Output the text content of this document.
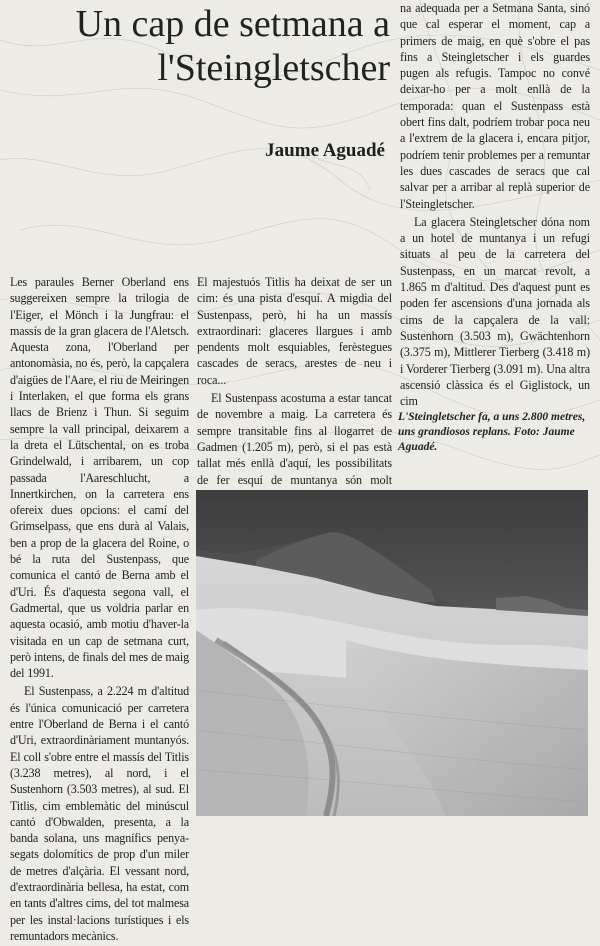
Un cap de setmana a l'Steingletscher
Jaume Aguadé

Les paraules Berner Oberland ens suggereixen sempre la trilogia de l'Eiger, el Mönch i la Jungfrau: el massís de la gran glacera de l'Aletsch. Aquesta zona, l'Oberland per antonomàsia, no és, però, la capçalera d'aigües de l'Aare, el riu de Meiringen i Interlaken, el que forma els grans llacs de Brienz i Thun. Si seguim sempre la vall principal, deixarem a la dreta el Lütschental, on es troba Grindelwald, i arribarem, un cop passada l'Aareschlucht, a Innertkirchen, on la carretera ens ofereix dues opcions: el camí del Grimselpass, que ens durà al Valais, ben a prop de la glacera del Roine, o bé la ruta del Sustenpass, que comunica el cantó de Berna amb el d'Uri. És d'aquesta segona vall, el Gadmertal, que us voldria parlar en aquesta ocasió, amb motiu d'haver-la visitada en un cap de setmana curt, però intens, de finals del mes de maig del 1991.

El Sustenpass, a 2.224 m d'altitud és l'única comunicació per carretera entre l'Oberland de Berna i el cantó d'Uri, extraordinàriament muntanyós. El coll s'obre entre el massís del Titlis (3.238 metres), al nord, i el Sustenhorn (3.503 metres), al sud. El Titlis, cim emblemàtic del minúscul cantó d'Obwalden, presenta, a la banda solana, uns magnífics penya-segats dolomítics de prop d'un miler de metres d'alçària. El vessant nord, d'extraordinària bellesa, ha estat, com en tants d'altres cims, del tot malmesa per les instal·lacions turístiques i els remuntadors mecànics.

El majestuós Titlis ha deixat de ser un cim: és una pista d'esquí. A migdia del Sustenpass, però, hi ha un massís extraordinari: glaceres llargues i amb pendents molt esquiables, ferèstegues cascades de seracs, arestes de neu i roca...

El Sustenpass acostuma a estar tancat de novembre a maig. La carretera és sempre transitable fins al llogarret de Gadmen (1.205 m), però, si el pas està tallat més enllà d'aquí, les possibilitats de fer esquí de muntanya són molt

na adequada per a Setmana Santa, sinó que cal esperar el moment, cap a primers de maig, en què s'obre el pas fins a Steingletscher i els guardes pugen als refugis. Tampoc no convé deixar-ho per a molt enllà de la temporada: quan el Sustenpass està obert fins dalt, podríem trobar poca neu a l'extrem de la glacera i, encara pitjor, podríem tenir problemes per a remuntar les dues cascades de seracs que cal salvar per a arribar al replà superior de l'Steingletscher.

La glacera Steingletscher dóna nom a un hotel de muntanya i un refugi situats al peu de la carretera del Sustenpass, en un marcat revolt, a 1.865 m d'altitud. Des d'aquest punt es poden fer ascensions d'una jornada als cims de la capçalera de la vall: Sustenhorn (3.503 m), Gwächtenhorn (3.375 m), Mittlerer Tierberg (3.418 m) i Vorderer Tierberg (3.091 m). Una altra ascensió clàssica és el Giglistock, un cim

L'Steingletscher fa, a uns 2.800 metres, uns grandiosos replans. Foto: Jaume Aguadé.
